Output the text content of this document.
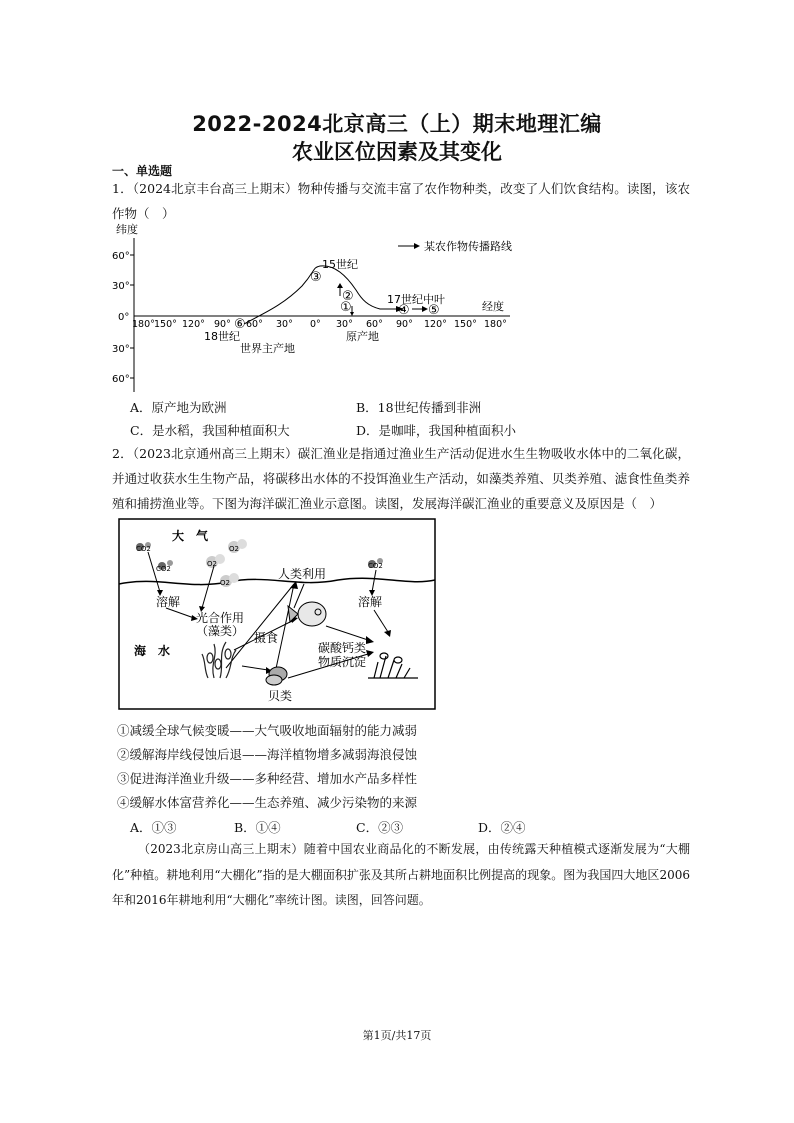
2022-2024北京高三（上）期末地理汇编
农业区位因素及其变化
一、单选题
1．（2024北京丰台高三上期末）物种传播与交流丰富了农作物种类，改变了人们饮食结构。读图，该农作物（　）
纬度
60°
30°
0°
30°
60°
180° 150° 120° 90° 60° 30° 0° 30° 60° 90° 120° 150° 180°
经度
某农作物传播路线
③
②
①	④ ⑤
⑥
15世纪
17世纪中叶
18世纪	原产地
世界主产地
A．原产地为欧洲	B．18世纪传播到非洲
C．是水稻，我国种植面积大	D．是咖啡，我国种植面积小
2．（2023北京通州高三上期末）碳汇渔业是指通过渔业生产活动促进水生生物吸收水体中的二氧化碳，并通过收获水生生物产品，将碳移出水体的不投饵渔业生产活动，如藻类养殖、贝类养殖、滤食性鱼类养殖和捕捞渔业等。下图为海洋碳汇渔业示意图。读图，发展海洋碳汇渔业的重要意义及原因是（　）
大　气
海　水
CO2
CO2
O2
O2
O2
CO2
溶解	溶解
人类利用
光合作用
（藻类） 摄食
贝类
碳酸钙类
物质沉淀
①减缓全球气候变暖——大气吸收地面辐射的能力减弱
②缓解海岸线侵蚀后退——海洋植物增多减弱海浪侵蚀
③促进海洋渔业升级——多种经营、增加水产品多样性
④缓解水体富营养化——生态养殖、减少污染物的来源
A．①③	B．①④	C．②③	D．②④
（2023北京房山高三上期末）随着中国农业商品化的不断发展，由传统露天种植模式逐渐发展为“大棚化”种植。耕地利用“大棚化”指的是大棚面积扩张及其所占耕地面积比例提高的现象。图为我国四大地区2006年和2016年耕地利用“大棚化”率统计图。读图，回答问题。
第1页/共17页
